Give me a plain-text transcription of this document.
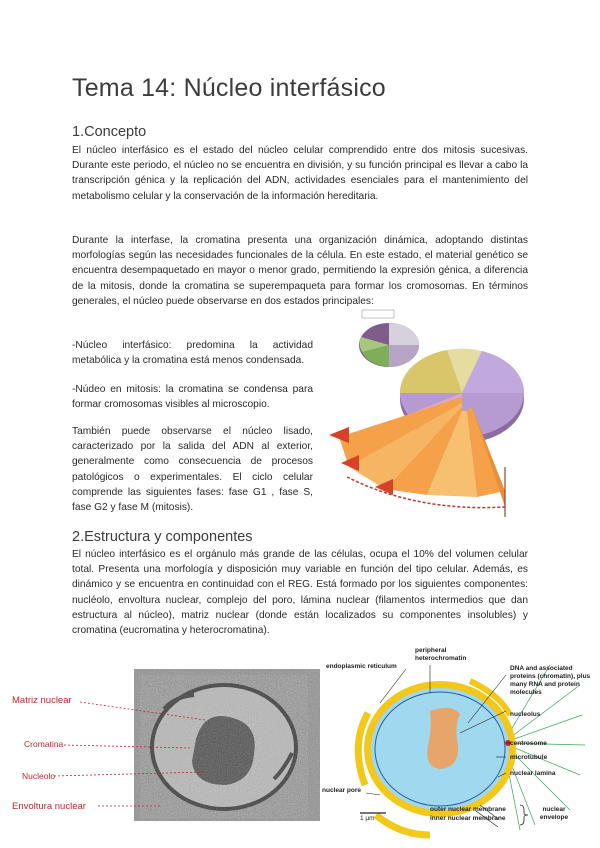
Tema 14: Núcleo interfásico
1.Concepto
El núcleo interfásico es el estado del núcleo celular comprendido entre dos mitosis sucesivas. Durante este periodo, el núcleo no se encuentra en división, y su función principal es llevar a cabo la transcripción génica y la replicación del ADN, actividades esenciales para el mantenimiento del metabolismo celular y la conservación de la información hereditaria.
Durante la interfase, la cromatina presenta una organización dinámica, adoptando distintas morfologías según las necesidades funcionales de la célula. En este estado, el material genético se encuentra desempaquetado en mayor o menor grado, permitiendo la expresión génica, a diferencia de la mitosis, donde la cromatina se superempaqueta para formar los cromosomas. En términos generales, el núcleo puede observarse en dos estados principales:
-Núcleo interfásico: predomina la actividad metabólica y la cromatina está menos condensada.
-Núdeo en mitosis: la cromatina se condensa para formar cromosomas visibles al microscopio.
También puede observarse el núcleo lisado, caracterizado por la salida del ADN al exterior, generalmente como consecuencia de procesos patológicos o experimentales. El ciclo celular comprende las siguientes fases: fase G1 , fase S, fase G2 y fase M (mitosis).
2.Estructura y componentes
El núcleo interfásico es el orgánulo más grande de las células, ocupa el 10% del volumen celular total. Presenta una morfología y disposición muy variable en función del tipo celular. Además, es dinámico y se encuentra en continuidad con el REG. Está formado por los siguientes componentes: nucléolo, envoltura nuclear, complejo del poro, lámina nuclear (filamentos intermedios que dan estructura al núcleo), matriz nuclear (donde están localizados su componentes insolubles) y cromatina (eucromatina y heterocromatina).
Matriz nuclear
Cromatina
Nucleolo
Envoltura nuclear
endoplasmic reticulum
peripheral heterochromatin
DNA and associated proteins (chromatin), plus many RNA and protein molecules
nucleolus
centrosome
microtubule
nuclear lamina
nuclear pore
1 µm
outer nuclear membrane
inner nuclear membrane
nuclear envelope
